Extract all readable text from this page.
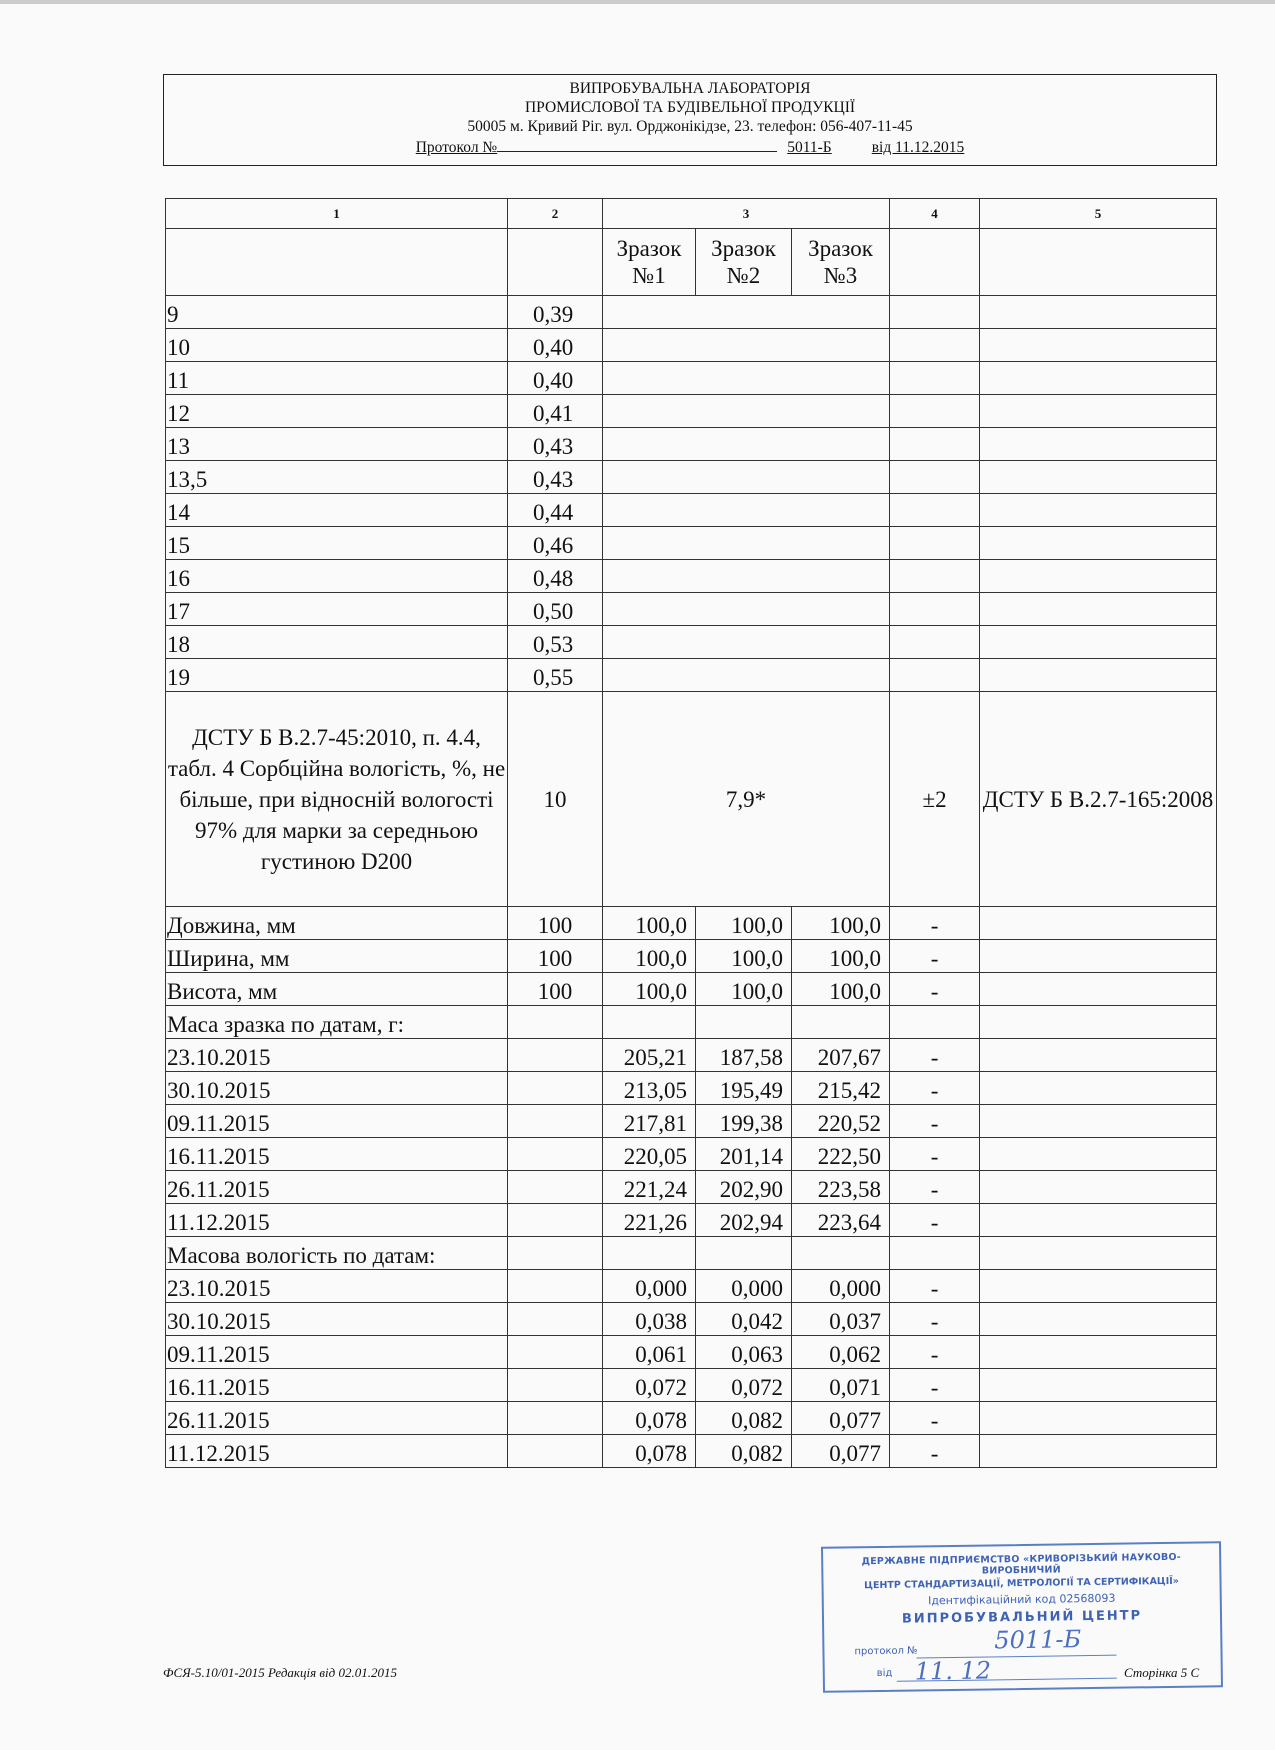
ВИПРОБУВАЛЬНА ЛАБОРАТОРІЯ
ПРОМИСЛОВОЇ ТА БУДІВЕЛЬНОЇ ПРОДУКЦІЇ
50005 м. Кривий Ріг. вул. Орджонікідзе, 23. телефон: 056-407-11-45
Протокол №	5011-Б	від 11.12.2015
1	2	3			4	5
		Зразок №1	Зразок №2	Зразок №3		
9	0,39					
10	0,40					
11	0,40					
12	0,41					
13	0,43					
13,5	0,43					
14	0,44					
15	0,46					
16	0,48					
17	0,50					
18	0,53					
19	0,55					
ДСТУ Б В.2.7-45:2010, п. 4.4, табл. 4 Сорбційна вологість, %, не більше, при відносній вологості 97% для марки за середньою густиною D200	10	7,9*			±2	ДСТУ Б В.2.7-165:2008
Довжина, мм	100	100,0	100,0	100,0	-	
Ширина, мм	100	100,0	100,0	100,0	-	
Висота, мм	100	100,0	100,0	100,0	-	
Маса зразка по датам, г:						
23.10.2015		205,21	187,58	207,67	-	
30.10.2015		213,05	195,49	215,42	-	
09.11.2015		217,81	199,38	220,52	-	
16.11.2015		220,05	201,14	222,50	-	
26.11.2015		221,24	202,90	223,58	-	
11.12.2015		221,26	202,94	223,64	-	
Масова вологість по датам:						
23.10.2015		0,000	0,000	0,000	-	
30.10.2015		0,038	0,042	0,037	-	
09.11.2015		0,061	0,063	0,062	-	
16.11.2015		0,072	0,072	0,071	-	
26.11.2015		0,078	0,082	0,077	-	
11.12.2015		0,078	0,082	0,077	-	
ДЕРЖАВНЕ ПІДПРИЄМСТВО «КРИВОРІЗЬКИЙ НАУКОВО-ВИРОБНИЧИЙ
ЦЕНТР СТАНДАРТИЗАЦІЇ, МЕТРОЛОГІЇ ТА СЕРТИФІКАЦІЇ»
Ідентифікаційний код 02568093
ВИПРОБУВАЛЬНИЙ ЦЕНТР
протокол №	5011-Б
від 11. 12
ФСЯ-5.10/01-2015 Редакція від 02.01.2015	Сторінка 5 С
